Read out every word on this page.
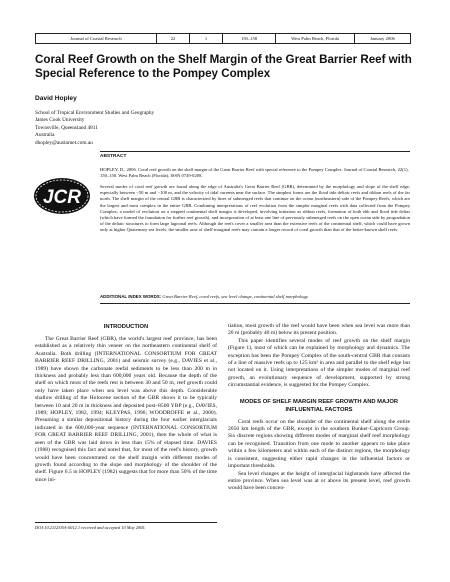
Journal of Coastal Research	22	1	150–158	West Palm Beach, Florida	January 2006
Coral Reef Growth on the Shelf Margin of the Great Barrier Reef with Special Reference to the Pompey Complex
David Hopley
School of Tropical Environment Studies and Geography
James Cook University
Townsville, Queensland 4811
Australia
dhopley@austarnet.com.au
ABSTRACT
HOPLEY, D., 2006. Coral reef growth on the shelf margin of the Great Barrier Reef with special reference to the Pompey Complex. Journal of Coastal Research, 22(1), 150–158. West Palm Beach (Florida), ISSN 0749-0208.
JCR
Several modes of coral reef growth are found along the edge of Australia's Great Barrier Reef (GBR), determined by the morphology and slope of the shelf edge, especially between −50 m and −100 m, and the velocity of tidal currents near the surface. The simplest forms are the flood tide deltaic reefs and ribbon reefs of the far north. The shelf margin of the central GBR is characterized by lines of submerged reefs that continue on the ocean (northeastern) side of the Pompey Reefs, which are the largest and most complex in the entire GBR. Combining interpretations of reef evolution from the simpler marginal reefs with data collected from the Pompey Complex, a model of evolution on a stepped continental shelf margin is developed, involving initiation as ribbon reefs, formation of both ebb and flood tide deltas (which have formed the foundation for further reef growth), and incorporation of at least one line of previously submerged reefs on the open ocean side by progradation of the deltaic structures to form large lagoonal reefs. Although the reefs cover a smaller area than the extensive reefs of the continental shelf, which could have grown only at higher Quaternary sea levels, the smaller area of shelf-marginal reefs may contain a longer record of coral growth than that of the better-known shelf reefs.
ADDITIONAL INDEX WORDS: Great Barrier Reef, coral reefs, sea level change, continental shelf morphology.
INTRODUCTION

The Great Barrier Reef (GBR), the world's largest reef province, has been established as a relatively thin veneer on the northeastern continental shelf of Australia. Both drilling (INTERNATIONAL CONSORTIUM FOR GREAT BARRIER REEF DRILLING, 2001) and seismic survey (e.g., DAVIES et al., 1989) have shown the carbonate reefal sediments to be less than 200 m in thickness and probably less than 600,000 years old. Because the depth of the shelf on which most of the reefs rest is between 30 and 50 m, reef growth could only have taken place when sea level was above this depth. Considerable shallow drilling of the Holocene section of the GBR shows it to be typically between 10 and 20 m in thickness and deposited post–8500 YBP (e.g., DAVIES, 1989; HOPLEY, 1982, 1994; KLEYPAS, 1996; WOODROFFE et al., 2000). Presuming a similar depositional history during the four earlier interglacials indicated in the 600,000-year sequence (INTERNATIONAL CONSORTIUM FOR GREAT BARRIER REEF DRILLING, 2001), then the whole of what is seen of the GBR was laid down in less than 15% of elapsed time. DAVIES (1988) recognised this fact and noted that, for most of the reef's history, growth would have been concentrated on the shelf margin with different modes of growth found according to the slope and morphology of the shoulder of the shelf. Figure 6.5 in HOPLEY (1982) suggests that for more than 50% of the time since ini-

tiation, most growth of the reef would have been when sea level was more than 20 m (probably 40 m) below its present position.

This paper identifies several modes of reef growth on the shelf margin (Figure 1), most of which can be explained by morphology and dynamics. The exception has been the Pompey Complex of the south-central GBR that consists of a line of massive reefs up to 125 km² in area and parallel to the shelf edge but not located on it. Using interpretations of the simpler modes of marginal reef growth, an evolutionary sequence of development, supported by strong circumstantial evidence, is suggested for the Pompey Complex.

MODES OF SHELF MARGIN REEF GROWTH AND MAJOR INFLUENTIAL FACTORS

Coral reefs occur on the shoulder of the continental shelf along the entire 2050 km length of the GBR, except in the southern Bunker-Capricorn Group. Six discrete regions showing different modes of marginal shelf reef morphology can be recognised. Transition from one mode to another appears to take place within a few kilometers and within each of the distinct regions, the morphology is consistent, suggesting either rapid changes in the influential factors or important thresholds.

Sea level changes at the height of interglacial highstands have affected the entire province. When sea level was at or above its present level, reef growth would have been concen-

DOI:10.2112/05A-0012.1 received and accepted 10 May 2005.
